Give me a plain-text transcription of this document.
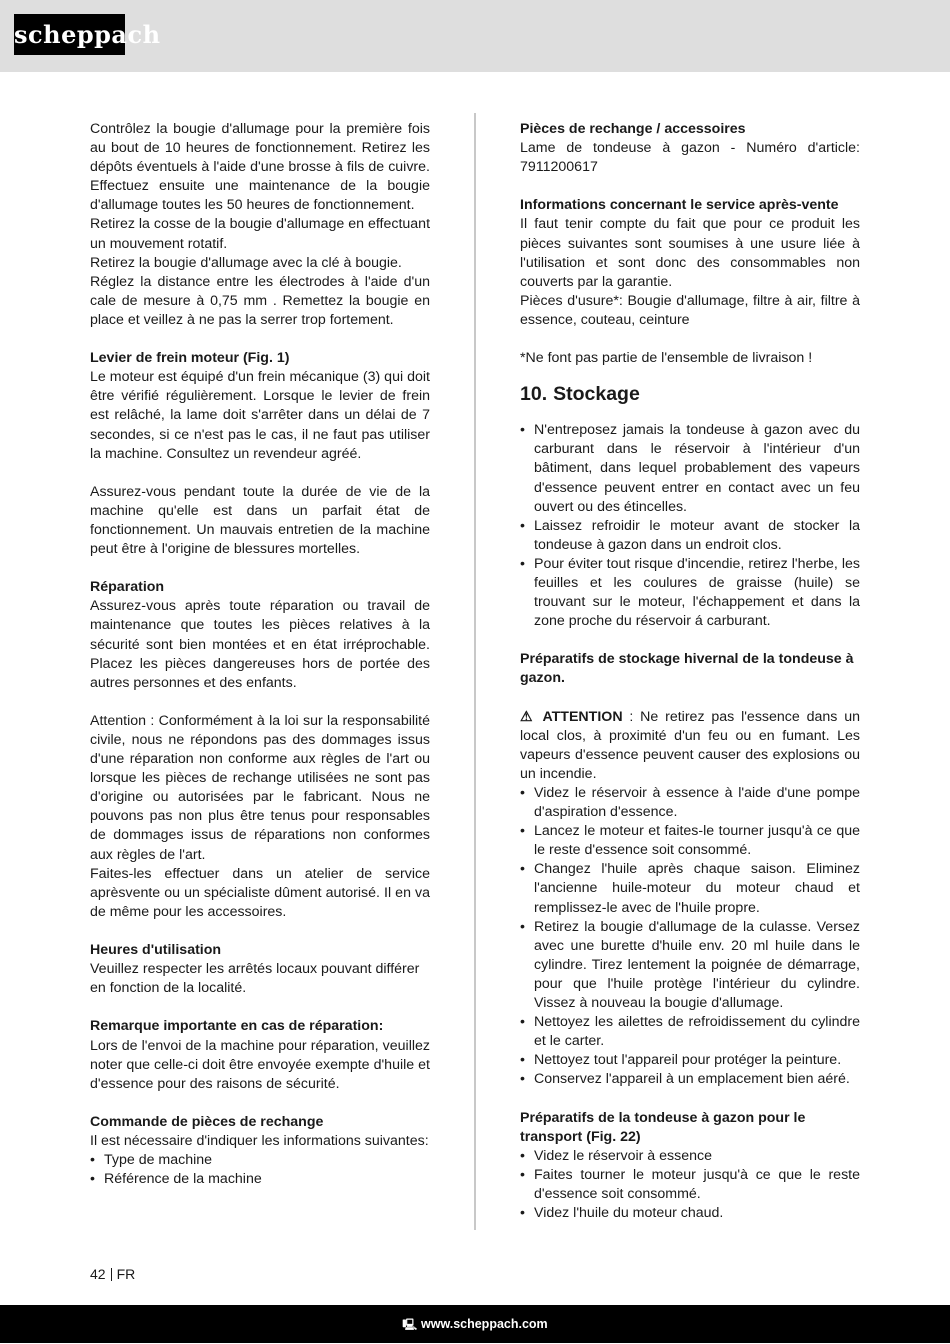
scheppach

Contrôlez la bougie d'allumage pour la première fois au bout de 10 heures de fonctionnement. Retirez les dépôts éventuels à l'aide d'une brosse à fils de cuivre. Effectuez ensuite une maintenance de la bougie d'allumage toutes les 50 heures de fonctionnement.

Retirez la cosse de la bougie d'allumage en effectuant un mouvement rotatif.

Retirez la bougie d'allumage avec la clé à bougie.

Réglez la distance entre les électrodes à l'aide d'un cale de mesure à 0,75 mm . Remettez la bougie en place et veillez à ne pas la serrer trop fortement.

Levier de frein moteur (Fig. 1)

Le moteur est équipé d'un frein mécanique (3) qui doit être vérifié régulièrement. Lorsque le levier de frein est relâché, la lame doit s'arrêter dans un délai de 7 secondes, si ce n'est pas le cas, il ne faut pas utiliser la machine. Consultez un revendeur agréé.

Assurez-vous pendant toute la durée de vie de la machine qu'elle est dans un parfait état de fonctionnement. Un mauvais entretien de la machine peut être à l'origine de blessures mortelles.

Réparation

Assurez-vous après toute réparation ou travail de maintenance que toutes les pièces relatives à la sécurité sont bien montées et en état irréprochable. Placez les pièces dangereuses hors de portée des autres personnes et des enfants.

Attention : Conformément à la loi sur la responsabilité civile, nous ne répondons pas des dommages issus d'une réparation non conforme aux règles de l'art ou lorsque les pièces de rechange utilisées ne sont pas d'origine ou autorisées par le fabricant. Nous ne pouvons pas non plus être tenus pour responsables de dommages issus de réparations non conformes aux règles de l'art.

Faites-les effectuer dans un atelier de service aprèsvente ou un spécialiste dûment autorisé. Il en va de même pour les accessoires.

Heures d'utilisation

Veuillez respecter les arrêtés locaux pouvant différer en fonction de la localité.

Remarque importante en cas de réparation:

Lors de l'envoi de la machine pour réparation, veuillez noter que celle-ci doit être envoyée exempte d'huile et d'essence pour des raisons de sécurité.

Commande de pièces de rechange

Il est nécessaire d'indiquer les informations suivantes:

• Type de machine
• Référence de la machine

Pièces de rechange / accessoires

Lame de tondeuse à gazon - Numéro d'article: 7911200617

Informations concernant le service après-vente

Il faut tenir compte du fait que pour ce produit les pièces suivantes sont soumises à une usure liée à l'utilisation et sont donc des consommables non couverts par la garantie.

Pièces d'usure*: Bougie d'allumage, filtre à air, filtre à essence, couteau, ceinture

*Ne font pas partie de l'ensemble de livraison !

10. Stockage

• N'entreposez jamais la tondeuse à gazon avec du carburant dans le réservoir à l'intérieur d'un bâtiment, dans lequel probablement des vapeurs d'essence peuvent entrer en contact avec un feu ouvert ou des étincelles.
• Laissez refroidir le moteur avant de stocker la tondeuse à gazon dans un endroit clos.
• Pour éviter tout risque d'incendie, retirez l'herbe, les feuilles et les coulures de graisse (huile) se trouvant sur le moteur, l'échappement et dans la zone proche du réservoir á carburant.

Préparatifs de stockage hivernal de la tondeuse à gazon.

⚠ ATTENTION : Ne retirez pas l'essence dans un local clos, à proximité d'un feu ou en fumant. Les vapeurs d'essence peuvent causer des explosions ou un incendie.

• Videz le réservoir à essence à l'aide d'une pompe d'aspiration d'essence.
• Lancez le moteur et faites-le tourner jusqu'à ce que le reste d'essence soit consommé.
• Changez l'huile après chaque saison. Eliminez l'ancienne huile-moteur du moteur chaud et remplissez-le avec de l'huile propre.
• Retirez la bougie d'allumage de la culasse. Versez avec une burette d'huile env. 20 ml huile dans le cylindre. Tirez lentement la poignée de démarrage, pour que l'huile protège l'intérieur du cylindre. Vissez à nouveau la bougie d'allumage.
• Nettoyez les ailettes de refroidissement du cylindre et le carter.
• Nettoyez tout l'appareil pour protéger la peinture.
• Conservez l'appareil à un emplacement bien aéré.

Préparatifs de la tondeuse à gazon pour le transport (Fig. 22)

• Videz le réservoir à essence
• Faites tourner le moteur jusqu'à ce que le reste d'essence soit consommé.
• Videz l'huile du moteur chaud.
42 FR
🖳 www.scheppach.com
